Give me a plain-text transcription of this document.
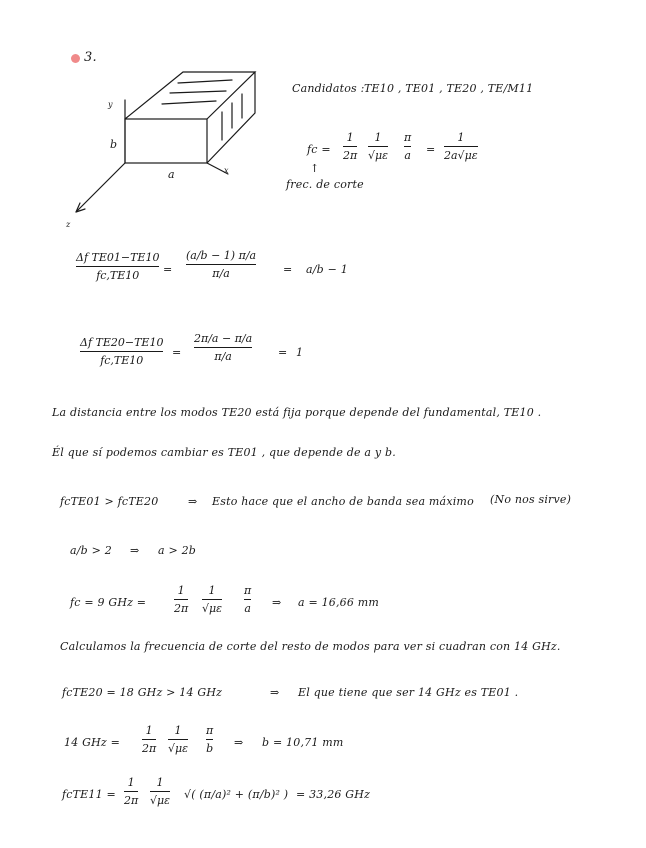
3.
b
a	x
y
z
Candidatos : TE10 , TE01 , TE20 , TE/M11
fc =
1
2π
1
√με
π
a =
1
2a√με
↑
frec. de corte
Δf TE01−TE10
fc,TE10 =
(a/b − 1) π/a
π/a	= a/b − 1
Δf TE20−TE10
fc,TE10
=
2π/a − π/a
π/a	= 1
La distancia entre los modos TE20 está fija porque depende del fundamental, TE10 .
Él que sí podemos cambiar es TE01 , que depende de a y b.
fcTE01 > fcTE20	⇒ Esto hace que el ancho de banda sea máximo (No nos sirve)
a/b > 2 ⇒ a > 2b
fc = 9 GHz =
1
2π
1
√με
π
a ⇒ a = 16,66 mm
Calculamos la frecuencia de corte del resto de modos para ver si cuadran con 14 GHz.
fcTE20 = 18 GHz > 14 GHz	⇒ El que tiene que ser 14 GHz es TE01 .
14 GHz =
1
2π
1
√με
π
b ⇒ b = 10,71 mm
fcTE11 =
1
2π
1
√με √( (π/a)² + (π/b)² ) = 33,26 GHz
